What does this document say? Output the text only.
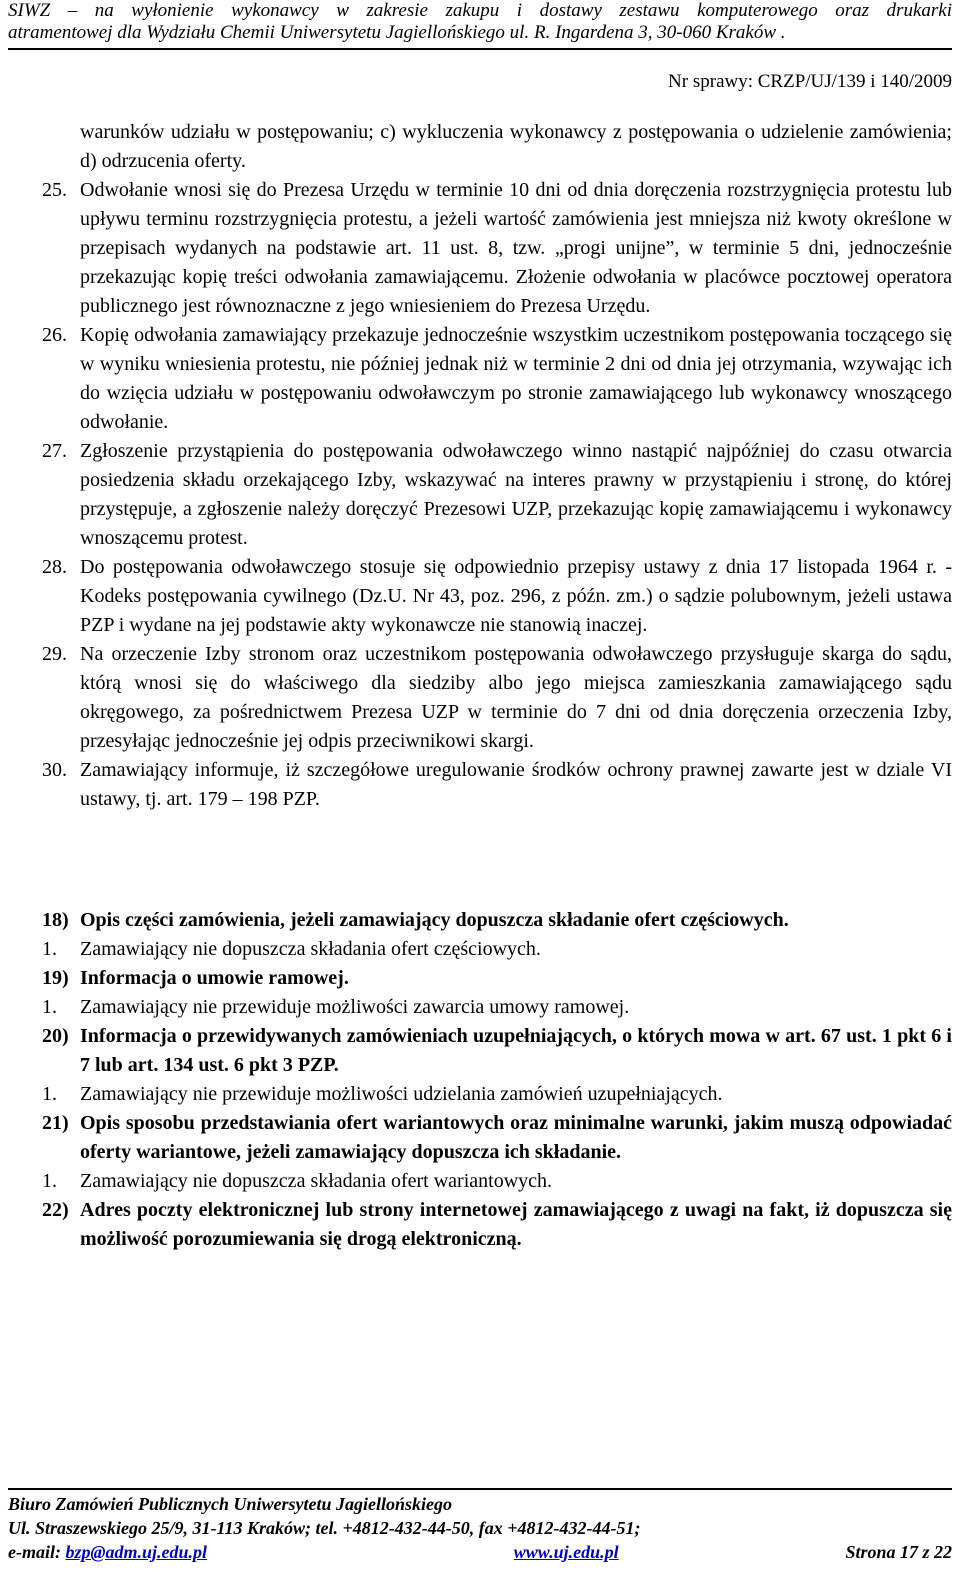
SIWZ – na wyłonienie wykonawcy w zakresie zakupu i dostawy zestawu komputerowego oraz drukarki
atramentowej dla Wydziału Chemii Uniwersytetu Jagiellońskiego ul. R. Ingardena 3, 30-060 Kraków .
Nr sprawy: CRZP/UJ/139 i 140/2009
warunków udziału w postępowaniu; c) wykluczenia wykonawcy z postępowania o udzielenie zamówienia; d) odrzucenia oferty.
25. Odwołanie wnosi się do Prezesa Urzędu w terminie 10 dni od dnia doręczenia rozstrzygnięcia protestu lub upływu terminu rozstrzygnięcia protestu, a jeżeli wartość zamówienia jest mniejsza niż kwoty określone w przepisach wydanych na podstawie art. 11 ust. 8, tzw. „progi unijne”, w terminie 5 dni, jednocześnie przekazując kopię treści odwołania zamawiającemu. Złożenie odwołania w placówce pocztowej operatora publicznego jest równoznaczne z jego wniesieniem do Prezesa Urzędu.
26. Kopię odwołania zamawiający przekazuje jednocześnie wszystkim uczestnikom postępowania toczącego się w wyniku wniesienia protestu, nie później jednak niż w terminie 2 dni od dnia jej otrzymania, wzywając ich do wzięcia udziału w postępowaniu odwoławczym po stronie zamawiającego lub wykonawcy wnoszącego odwołanie.
27. Zgłoszenie przystąpienia do postępowania odwoławczego winno nastąpić najpóźniej do czasu otwarcia posiedzenia składu orzekającego Izby, wskazywać na interes prawny w przystąpieniu i stronę, do której przystępuje, a zgłoszenie należy doręczyć Prezesowi UZP, przekazując kopię zamawiającemu i wykonawcy wnoszącemu protest.
28. Do postępowania odwoławczego stosuje się odpowiednio przepisy ustawy z dnia 17 listopada 1964 r. - Kodeks postępowania cywilnego (Dz.U. Nr 43, poz. 296, z późn. zm.) o sądzie polubownym, jeżeli ustawa PZP i wydane na jej podstawie akty wykonawcze nie stanowią inaczej.
29. Na orzeczenie Izby stronom oraz uczestnikom postępowania odwoławczego przysługuje skarga do sądu, którą wnosi się do właściwego dla siedziby albo jego miejsca zamieszkania zamawiającego sądu okręgowego, za pośrednictwem Prezesa UZP w terminie do 7 dni od dnia doręczenia orzeczenia Izby, przesyłając jednocześnie jej odpis przeciwnikowi skargi.
30. Zamawiający informuje, iż szczegółowe uregulowanie środków ochrony prawnej zawarte jest w dziale VI ustawy, tj. art. 179 – 198 PZP.
18) Opis części zamówienia, jeżeli zamawiający dopuszcza składanie ofert częściowych.
1. Zamawiający nie dopuszcza składania ofert częściowych.
19) Informacja o umowie ramowej.
1. Zamawiający nie przewiduje możliwości zawarcia umowy ramowej.
20) Informacja o przewidywanych zamówieniach uzupełniających, o których mowa w art. 67 ust. 1 pkt 6 i 7 lub art. 134 ust. 6 pkt 3 PZP.
1. Zamawiający nie przewiduje możliwości udzielania zamówień uzupełniających.
21) Opis sposobu przedstawiania ofert wariantowych oraz minimalne warunki, jakim muszą odpowiadać oferty wariantowe, jeżeli zamawiający dopuszcza ich składanie.
1. Zamawiający nie dopuszcza składania ofert wariantowych.
22) Adres poczty elektronicznej lub strony internetowej zamawiającego z uwagi na fakt, iż dopuszcza się możliwość porozumiewania się drogą elektroniczną.
Biuro Zamówień Publicznych Uniwersytetu Jagiellońskiego
Ul. Straszewskiego 25/9, 31-113 Kraków; tel. +4812-432-44-50, fax +4812-432-44-51;
e-mail: bzp@adm.uj.edu.pl	www.uj.edu.pl	Strona 17 z 22
